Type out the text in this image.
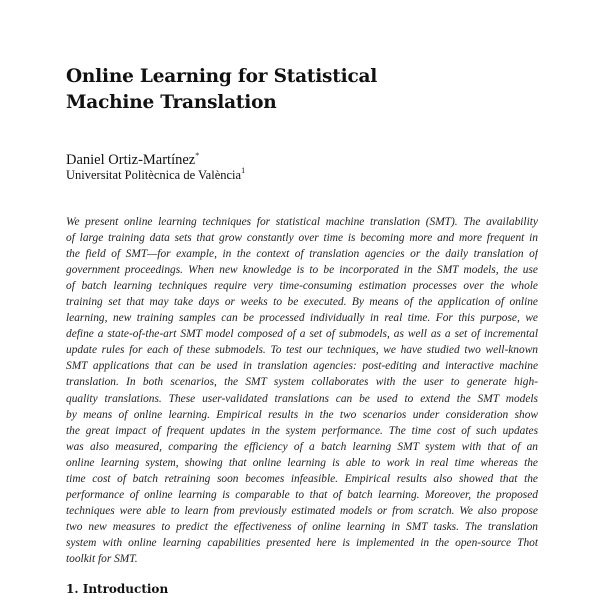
Online Learning for Statistical
Machine Translation
Daniel Ortiz-Martínez*
Universitat Politècnica de València$^1$
We present online learning techniques for statistical machine translation (SMT). The availability
of large training data sets that grow constantly over time is becoming more and more frequent in
the field of SMT—for example, in the context of translation agencies or the daily translation of
government proceedings. When new knowledge is to be incorporated in the SMT models, the use
of batch learning techniques require very time-consuming estimation processes over the whole
training set that may take days or weeks to be executed. By means of the application of online
learning, new training samples can be processed individually in real time. For this purpose, we
define a state-of-the-art SMT model composed of a set of submodels, as well as a set of incremental
update rules for each of these submodels. To test our techniques, we have studied two well-known
SMT applications that can be used in translation agencies: post-editing and interactive machine
translation. In both scenarios, the SMT system collaborates with the user to generate high-
quality translations. These user-validated translations can be used to extend the SMT models
by means of online learning. Empirical results in the two scenarios under consideration show
the great impact of frequent updates in the system performance. The time cost of such updates
was also measured, comparing the efficiency of a batch learning SMT system with that of an
online learning system, showing that online learning is able to work in real time whereas the
time cost of batch retraining soon becomes infeasible. Empirical results also showed that the
performance of online learning is comparable to that of batch learning. Moreover, the proposed
techniques were able to learn from previously estimated models or from scratch. We also propose
two new measures to predict the effectiveness of online learning in SMT tasks. The translation
system with online learning capabilities presented here is implemented in the open-source Thot
toolkit for SMT.
1. Introduction
